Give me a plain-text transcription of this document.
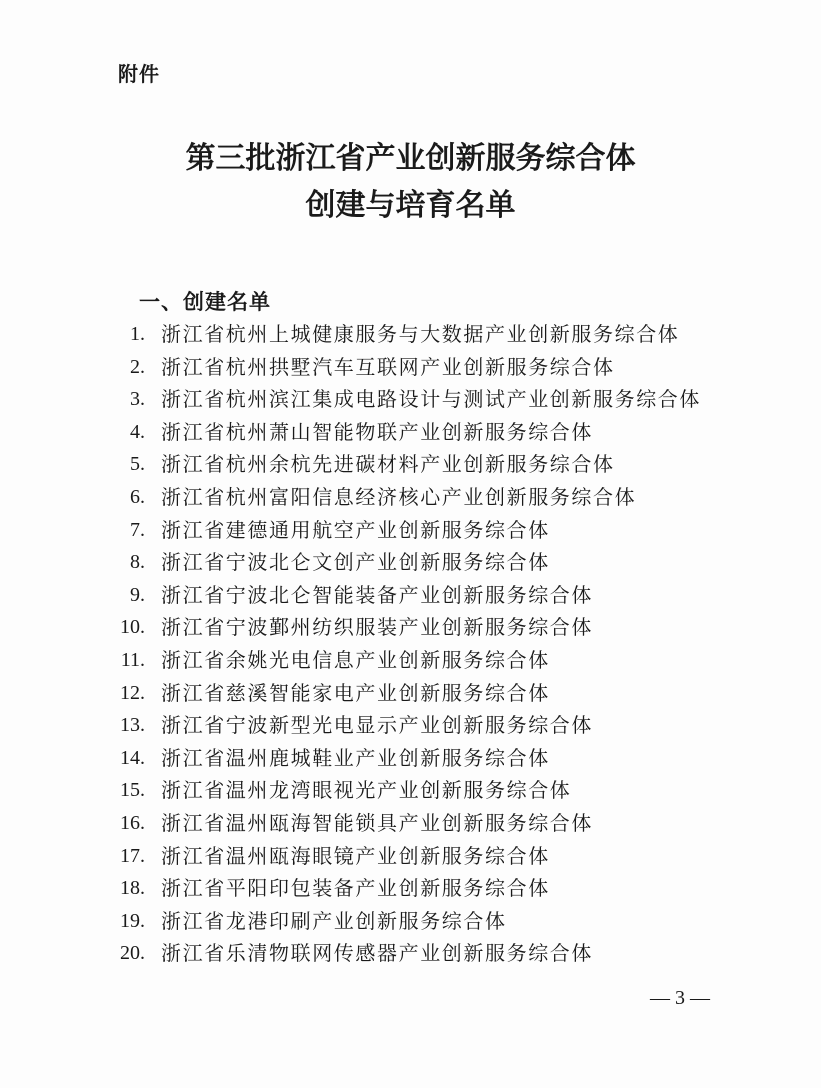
附件
第三批浙江省产业创新服务综合体
创建与培育名单
一、创建名单
1. 浙江省杭州上城健康服务与大数据产业创新服务综合体
2. 浙江省杭州拱墅汽车互联网产业创新服务综合体
3. 浙江省杭州滨江集成电路设计与测试产业创新服务综合体
4. 浙江省杭州萧山智能物联产业创新服务综合体
5. 浙江省杭州余杭先进碳材料产业创新服务综合体
6. 浙江省杭州富阳信息经济核心产业创新服务综合体
7. 浙江省建德通用航空产业创新服务综合体
8. 浙江省宁波北仑文创产业创新服务综合体
9. 浙江省宁波北仑智能装备产业创新服务综合体
10. 浙江省宁波鄞州纺织服装产业创新服务综合体
11. 浙江省余姚光电信息产业创新服务综合体
12. 浙江省慈溪智能家电产业创新服务综合体
13. 浙江省宁波新型光电显示产业创新服务综合体
14. 浙江省温州鹿城鞋业产业创新服务综合体
15. 浙江省温州龙湾眼视光产业创新服务综合体
16. 浙江省温州瓯海智能锁具产业创新服务综合体
17. 浙江省温州瓯海眼镜产业创新服务综合体
18. 浙江省平阳印包装备产业创新服务综合体
19. 浙江省龙港印刷产业创新服务综合体
20. 浙江省乐清物联网传感器产业创新服务综合体
— 3 —
